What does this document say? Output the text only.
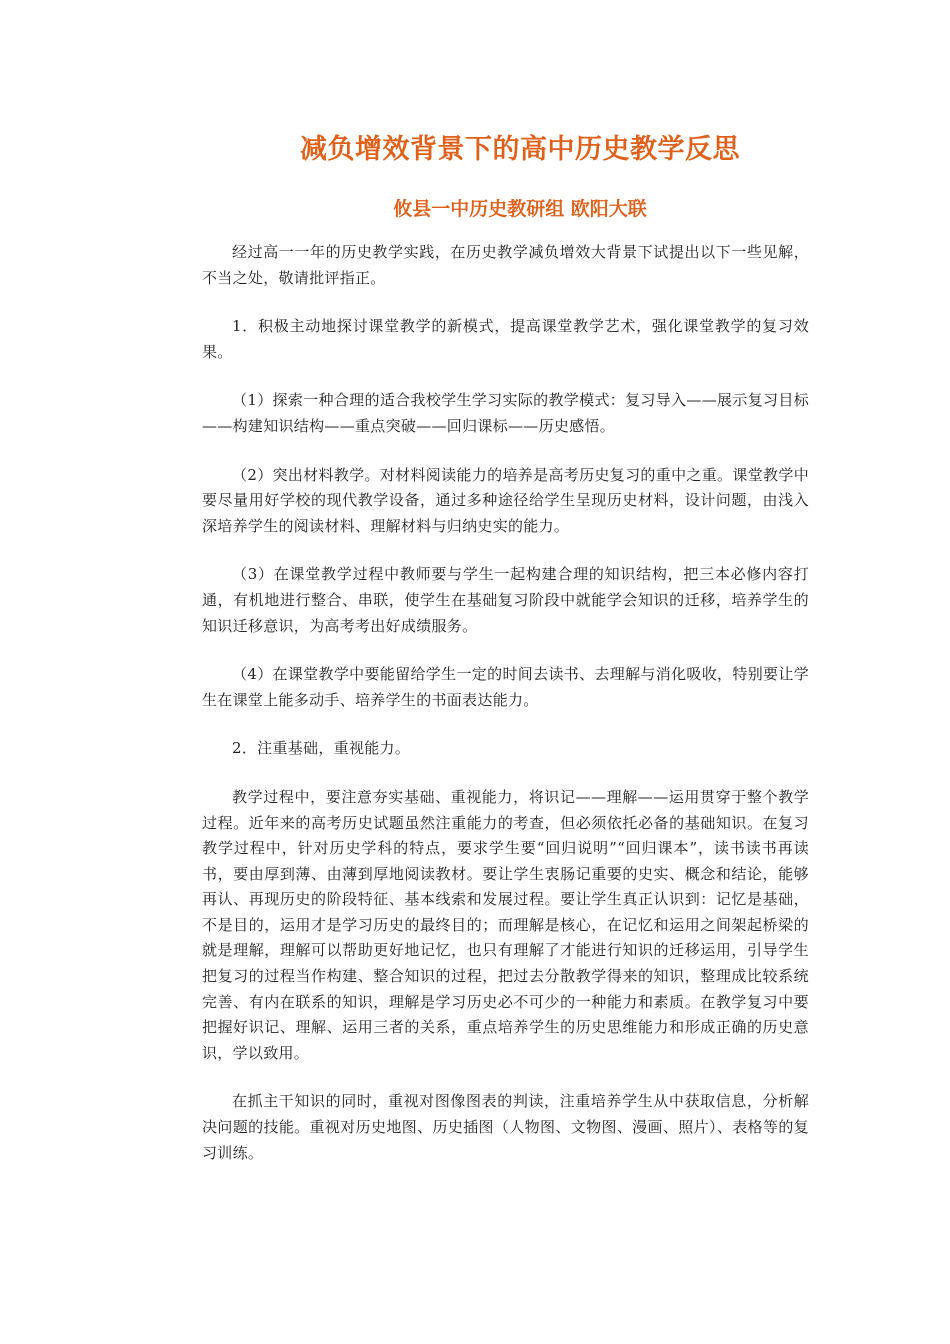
减负增效背景下的高中历史教学反思
攸县一中历史教研组 欧阳大联

经过高一一年的历史教学实践，在历史教学减负增效大背景下试提出以下一些见解，不当之处，敬请批评指正。

1．积极主动地探讨课堂教学的新模式，提高课堂教学艺术，强化课堂教学的复习效果。

（1）探索一种合理的适合我校学生学习实际的教学模式：复习导入——展示复习目标——构建知识结构——重点突破——回归课标——历史感悟。

（2）突出材料教学。对材料阅读能力的培养是高考历史复习的重中之重。课堂教学中要尽量用好学校的现代教学设备，通过多种途径给学生呈现历史材料，设计问题，由浅入深培养学生的阅读材料、理解材料与归纳史实的能力。

（3）在课堂教学过程中教师要与学生一起构建合理的知识结构，把三本必修内容打通，有机地进行整合、串联，使学生在基础复习阶段中就能学会知识的迁移，培养学生的知识迁移意识，为高考考出好成绩服务。

（4）在课堂教学中要能留给学生一定的时间去读书、去理解与消化吸收，特别要让学生在课堂上能多动手、培养学生的书面表达能力。

2．注重基础，重视能力。

教学过程中，要注意夯实基础、重视能力，将识记——理解——运用贯穿于整个教学过程。近年来的高考历史试题虽然注重能力的考查，但必须依托必备的基础知识。在复习教学过程中，针对历史学科的特点，要求学生要“回归说明”“回归课本”，读书读书再读书，要由厚到薄、由薄到厚地阅读教材。要让学生衷肠记重要的史实、概念和结论，能够再认、再现历史的阶段特征、基本线索和发展过程。要让学生真正认识到：记忆是基础，不是目的，运用才是学习历史的最终目的；而理解是核心，在记忆和运用之间架起桥梁的就是理解，理解可以帮助更好地记忆，也只有理解了才能进行知识的迁移运用，引导学生把复习的过程当作构建、整合知识的过程，把过去分散教学得来的知识，整理成比较系统完善、有内在联系的知识，理解是学习历史必不可少的一种能力和素质。在教学复习中要把握好识记、理解、运用三者的关系，重点培养学生的历史思维能力和形成正确的历史意识，学以致用。

在抓主干知识的同时，重视对图像图表的判读，注重培养学生从中获取信息，分析解决问题的技能。重视对历史地图、历史插图（人物图、文物图、漫画、照片）、表格等的复习训练。
